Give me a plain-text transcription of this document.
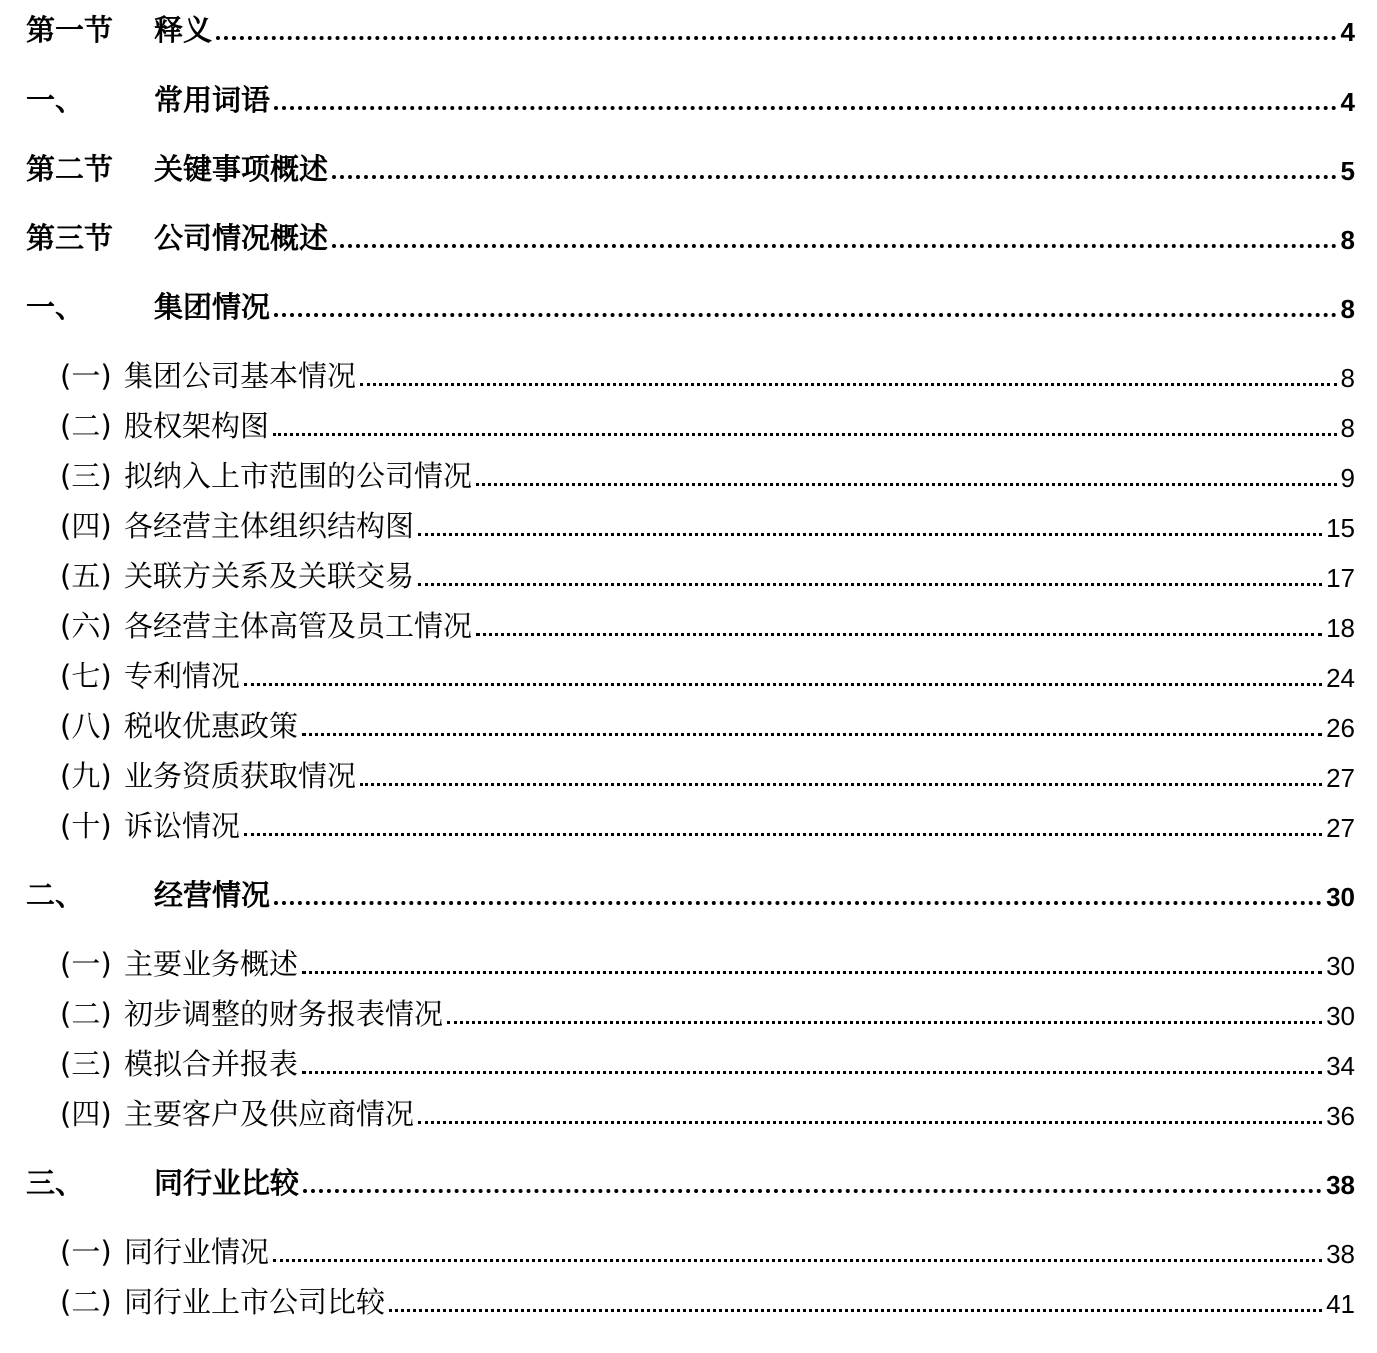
第一节	释义	4
一、	常用词语	4
第二节	关键事项概述	5
第三节	公司情况概述	8
一、	集团情况	8
(一) 集团公司基本情况	8
(二) 股权架构图	8
(三) 拟纳入上市范围的公司情况	9
(四) 各经营主体组织结构图	15
(五) 关联方关系及关联交易	17
(六) 各经营主体高管及员工情况	18
(七) 专利情况	24
(八) 税收优惠政策	26
(九) 业务资质获取情况	27
(十) 诉讼情况	27
二、	经营情况	30
(一) 主要业务概述	30
(二) 初步调整的财务报表情况	30
(三) 模拟合并报表	34
(四) 主要客户及供应商情况	36
三、	同行业比较	38
(一) 同行业情况	38
(二) 同行业上市公司比较	41
